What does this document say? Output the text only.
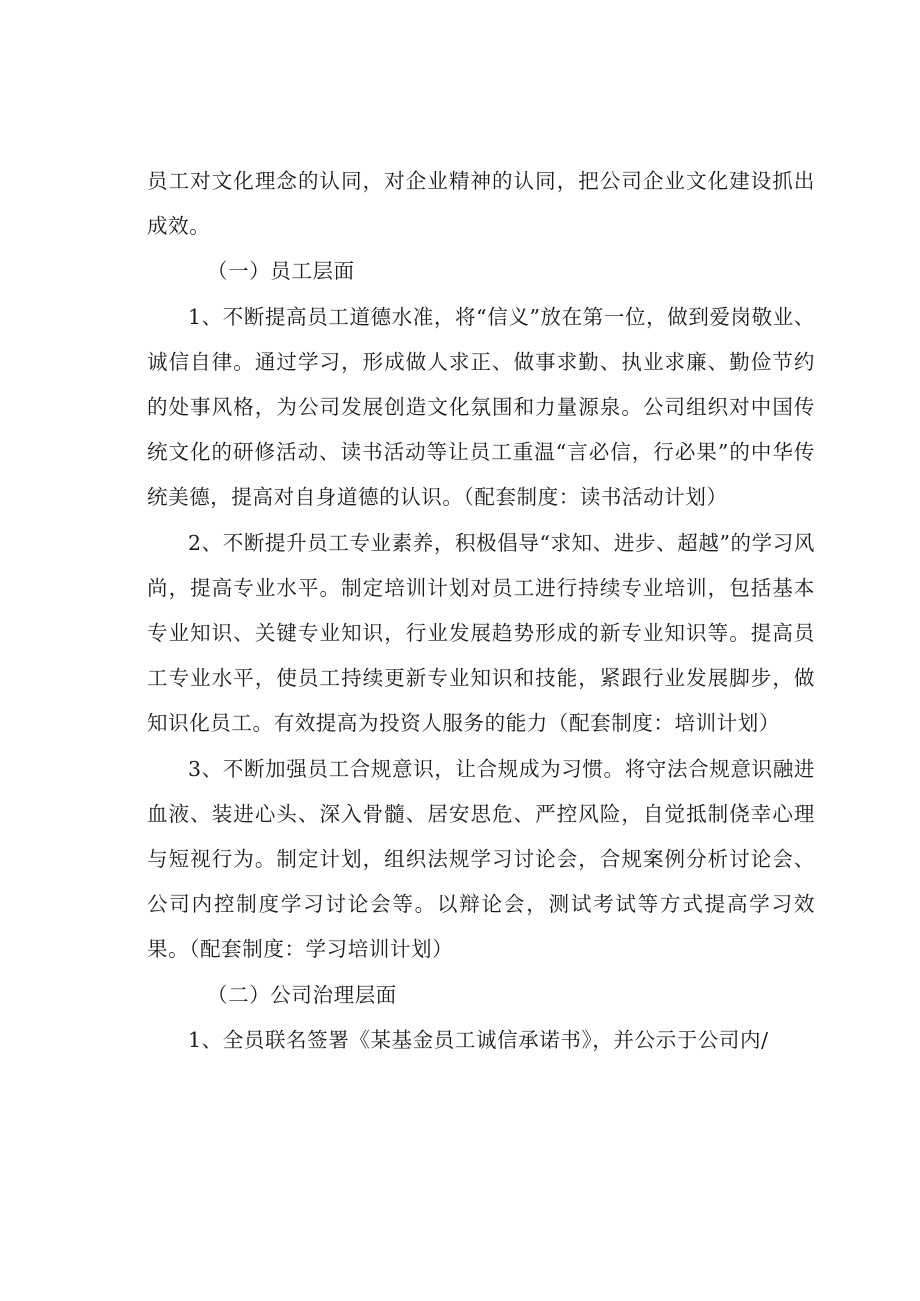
员工对文化理念的认同，对企业精神的认同，把公司企业文化建设抓出成效。

（一）员工层面

1、不断提高员工道德水准，将“信义”放在第一位，做到爱岗敬业、诚信自律。通过学习，形成做人求正、做事求勤、执业求廉、勤俭节约的处事风格，为公司发展创造文化氛围和力量源泉。公司组织对中国传统文化的研修活动、读书活动等让员工重温“言必信，行必果”的中华传统美德，提高对自身道德的认识。（配套制度：读书活动计划）

2、不断提升员工专业素养，积极倡导“求知、进步、超越”的学习风尚，提高专业水平。制定培训计划对员工进行持续专业培训，包括基本专业知识、关键专业知识，行业发展趋势形成的新专业知识等。提高员工专业水平，使员工持续更新专业知识和技能，紧跟行业发展脚步，做知识化员工。有效提高为投资人服务的能力（配套制度：培训计划）

3、不断加强员工合规意识，让合规成为习惯。将守法合规意识融进血液、装进心头、深入骨髓、居安思危、严控风险，自觉抵制侥幸心理与短视行为。制定计划，组织法规学习讨论会，合规案例分析讨论会、公司内控制度学习讨论会等。以辩论会，测试考试等方式提高学习效果。（配套制度：学习培训计划）

（二）公司治理层面

1、全员联名签署《某基金员工诚信承诺书》，并公示于公司内/
